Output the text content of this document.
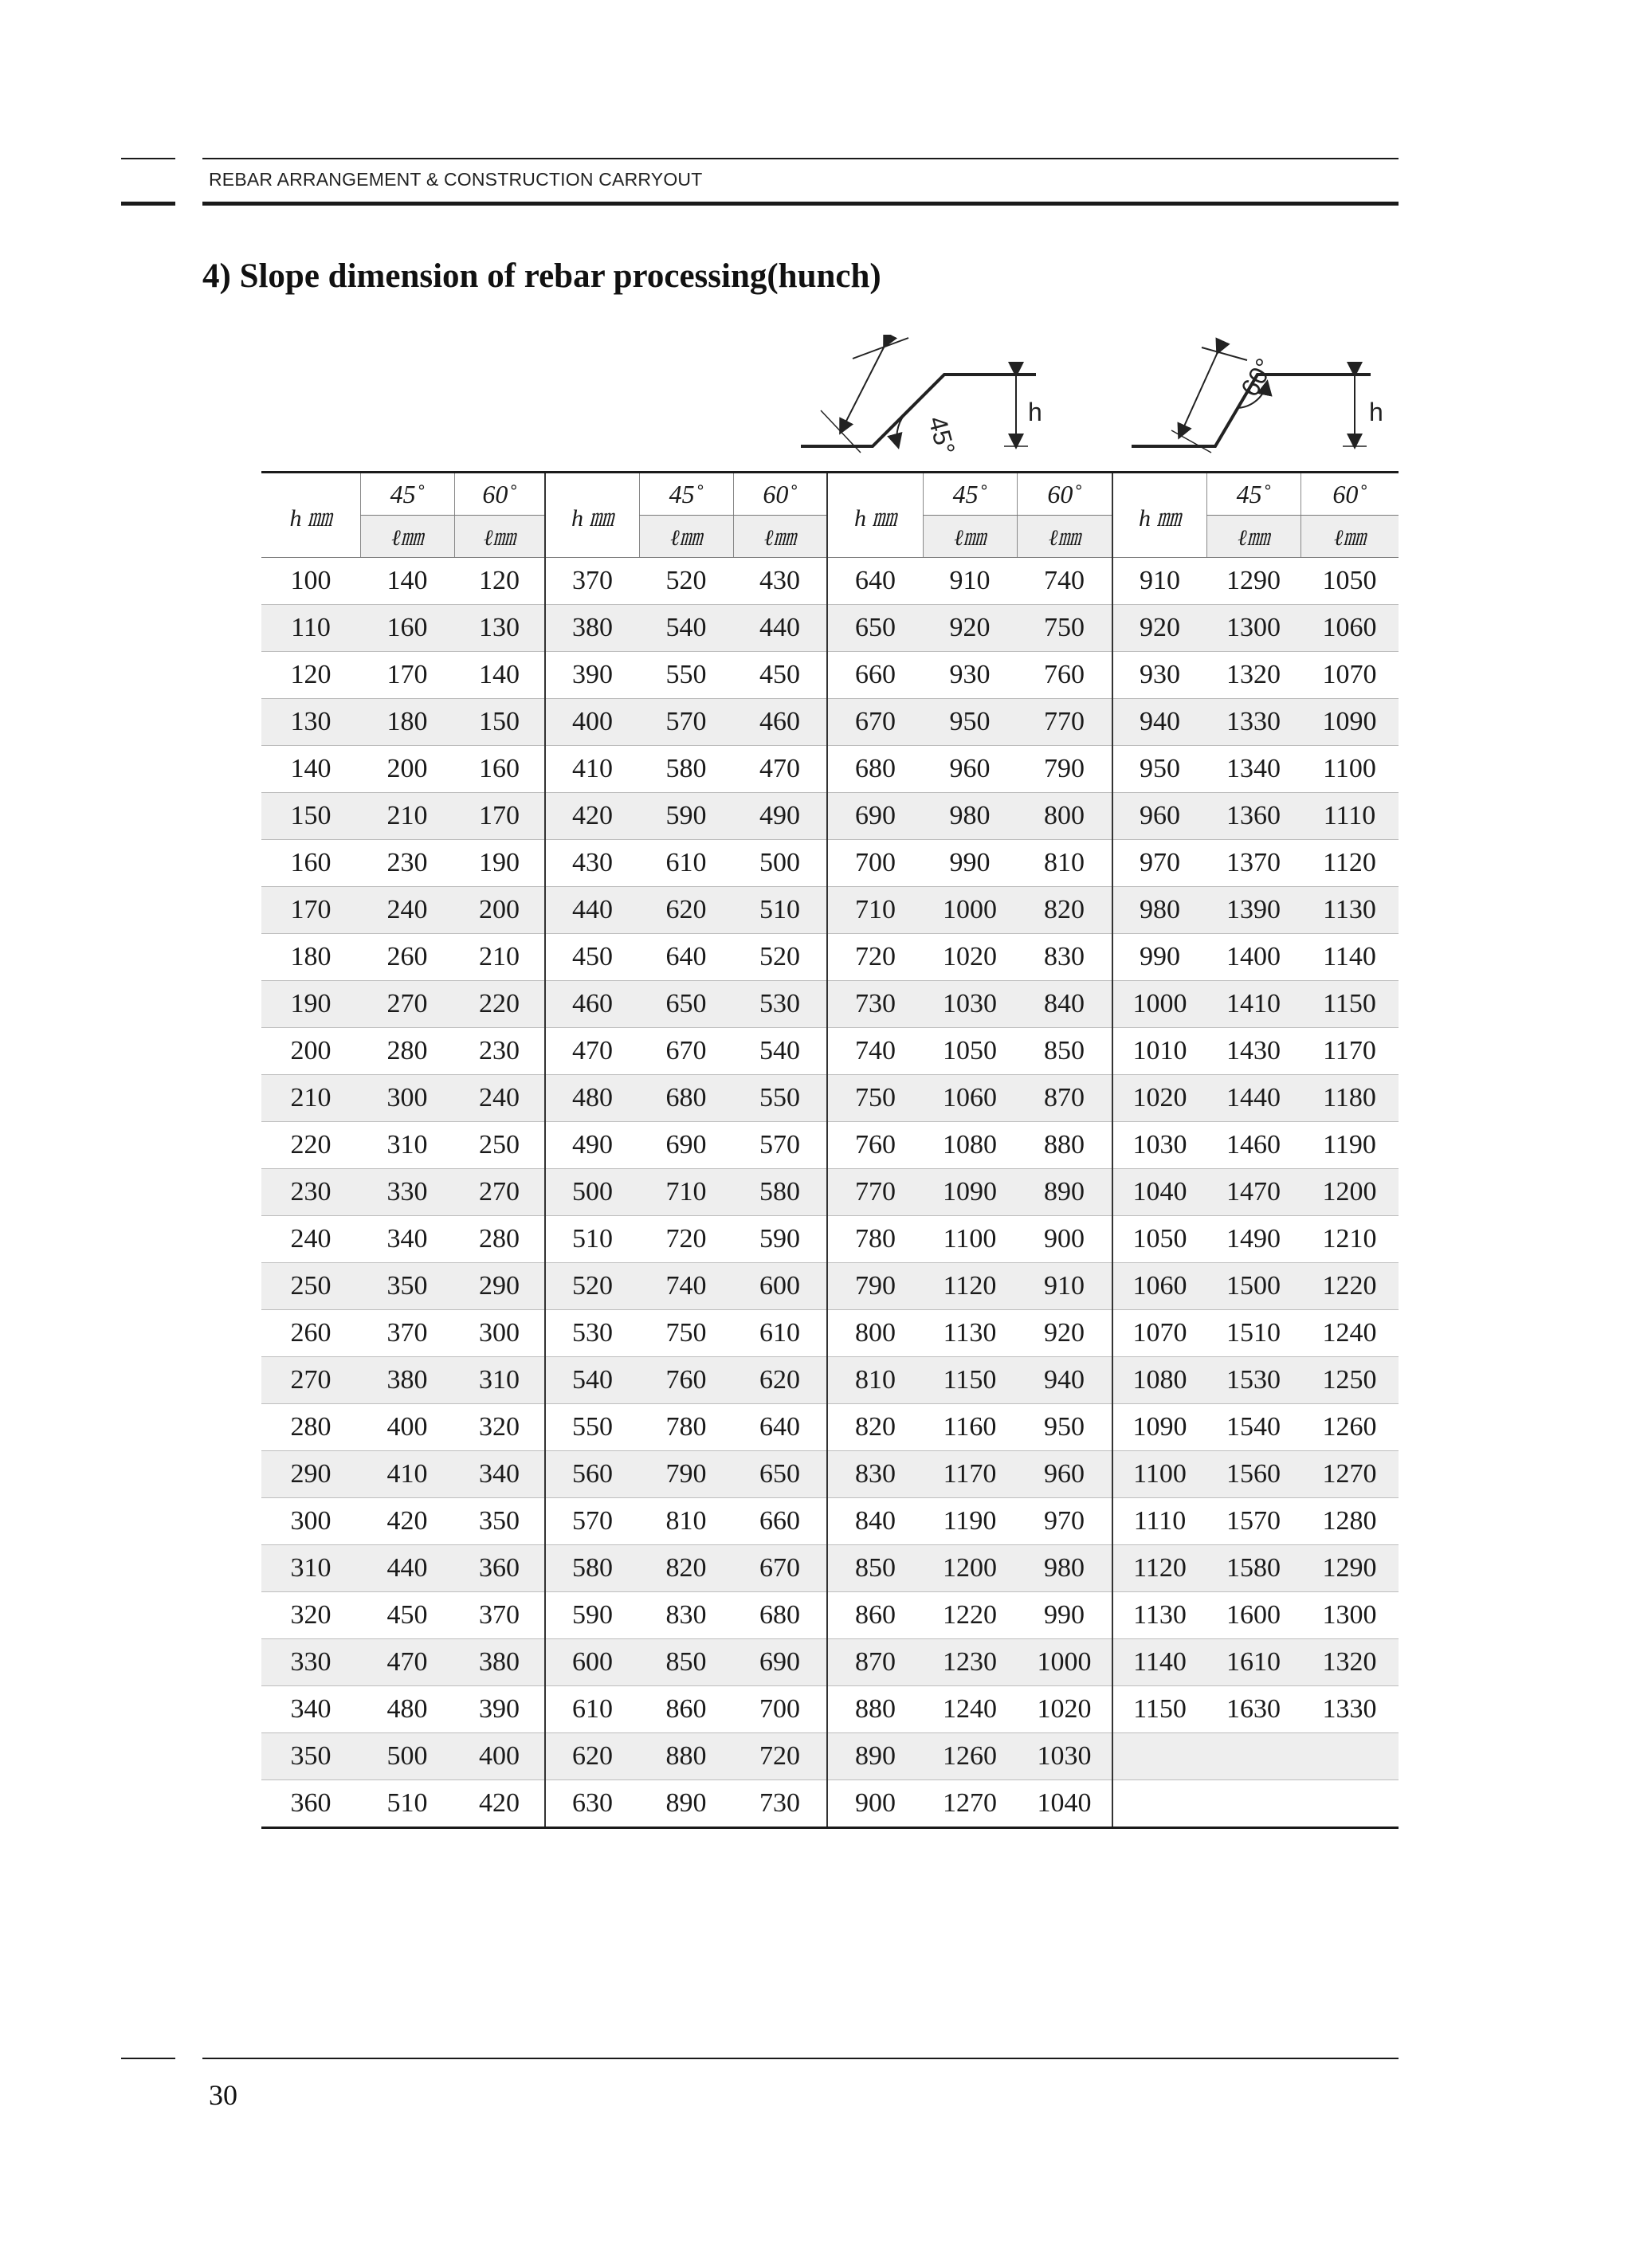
REBAR ARRANGEMENT & CONSTRUCTION CARRYOUT
4) Slope dimension of rebar processing(hunch)
45°
h
60°
h
h ㎜	45˚	60˚	h ㎜	45˚	60˚	h ㎜	45˚	60˚	h ㎜	45˚	60˚
	ℓ㎜	ℓ㎜		ℓ㎜	ℓ㎜		ℓ㎜	ℓ㎜		ℓ㎜	ℓ㎜
100	140	120	370	520	430	640	910	740	910	1290	1050
110	160	130	380	540	440	650	920	750	920	1300	1060
120	170	140	390	550	450	660	930	760	930	1320	1070
130	180	150	400	570	460	670	950	770	940	1330	1090
140	200	160	410	580	470	680	960	790	950	1340	1100
150	210	170	420	590	490	690	980	800	960	1360	1110
160	230	190	430	610	500	700	990	810	970	1370	1120
170	240	200	440	620	510	710	1000	820	980	1390	1130
180	260	210	450	640	520	720	1020	830	990	1400	1140
190	270	220	460	650	530	730	1030	840	1000	1410	1150
200	280	230	470	670	540	740	1050	850	1010	1430	1170
210	300	240	480	680	550	750	1060	870	1020	1440	1180
220	310	250	490	690	570	760	1080	880	1030	1460	1190
230	330	270	500	710	580	770	1090	890	1040	1470	1200
240	340	280	510	720	590	780	1100	900	1050	1490	1210
250	350	290	520	740	600	790	1120	910	1060	1500	1220
260	370	300	530	750	610	800	1130	920	1070	1510	1240
270	380	310	540	760	620	810	1150	940	1080	1530	1250
280	400	320	550	780	640	820	1160	950	1090	1540	1260
290	410	340	560	790	650	830	1170	960	1100	1560	1270
300	420	350	570	810	660	840	1190	970	1110	1570	1280
310	440	360	580	820	670	850	1200	980	1120	1580	1290
320	450	370	590	830	680	860	1220	990	1130	1600	1300
330	470	380	600	850	690	870	1230	1000	1140	1610	1320
340	480	390	610	860	700	880	1240	1020	1150	1630	1330
350	500	400	620	880	720	890	1260	1030			
360	510	420	630	890	730	900	1270	1040			
30
